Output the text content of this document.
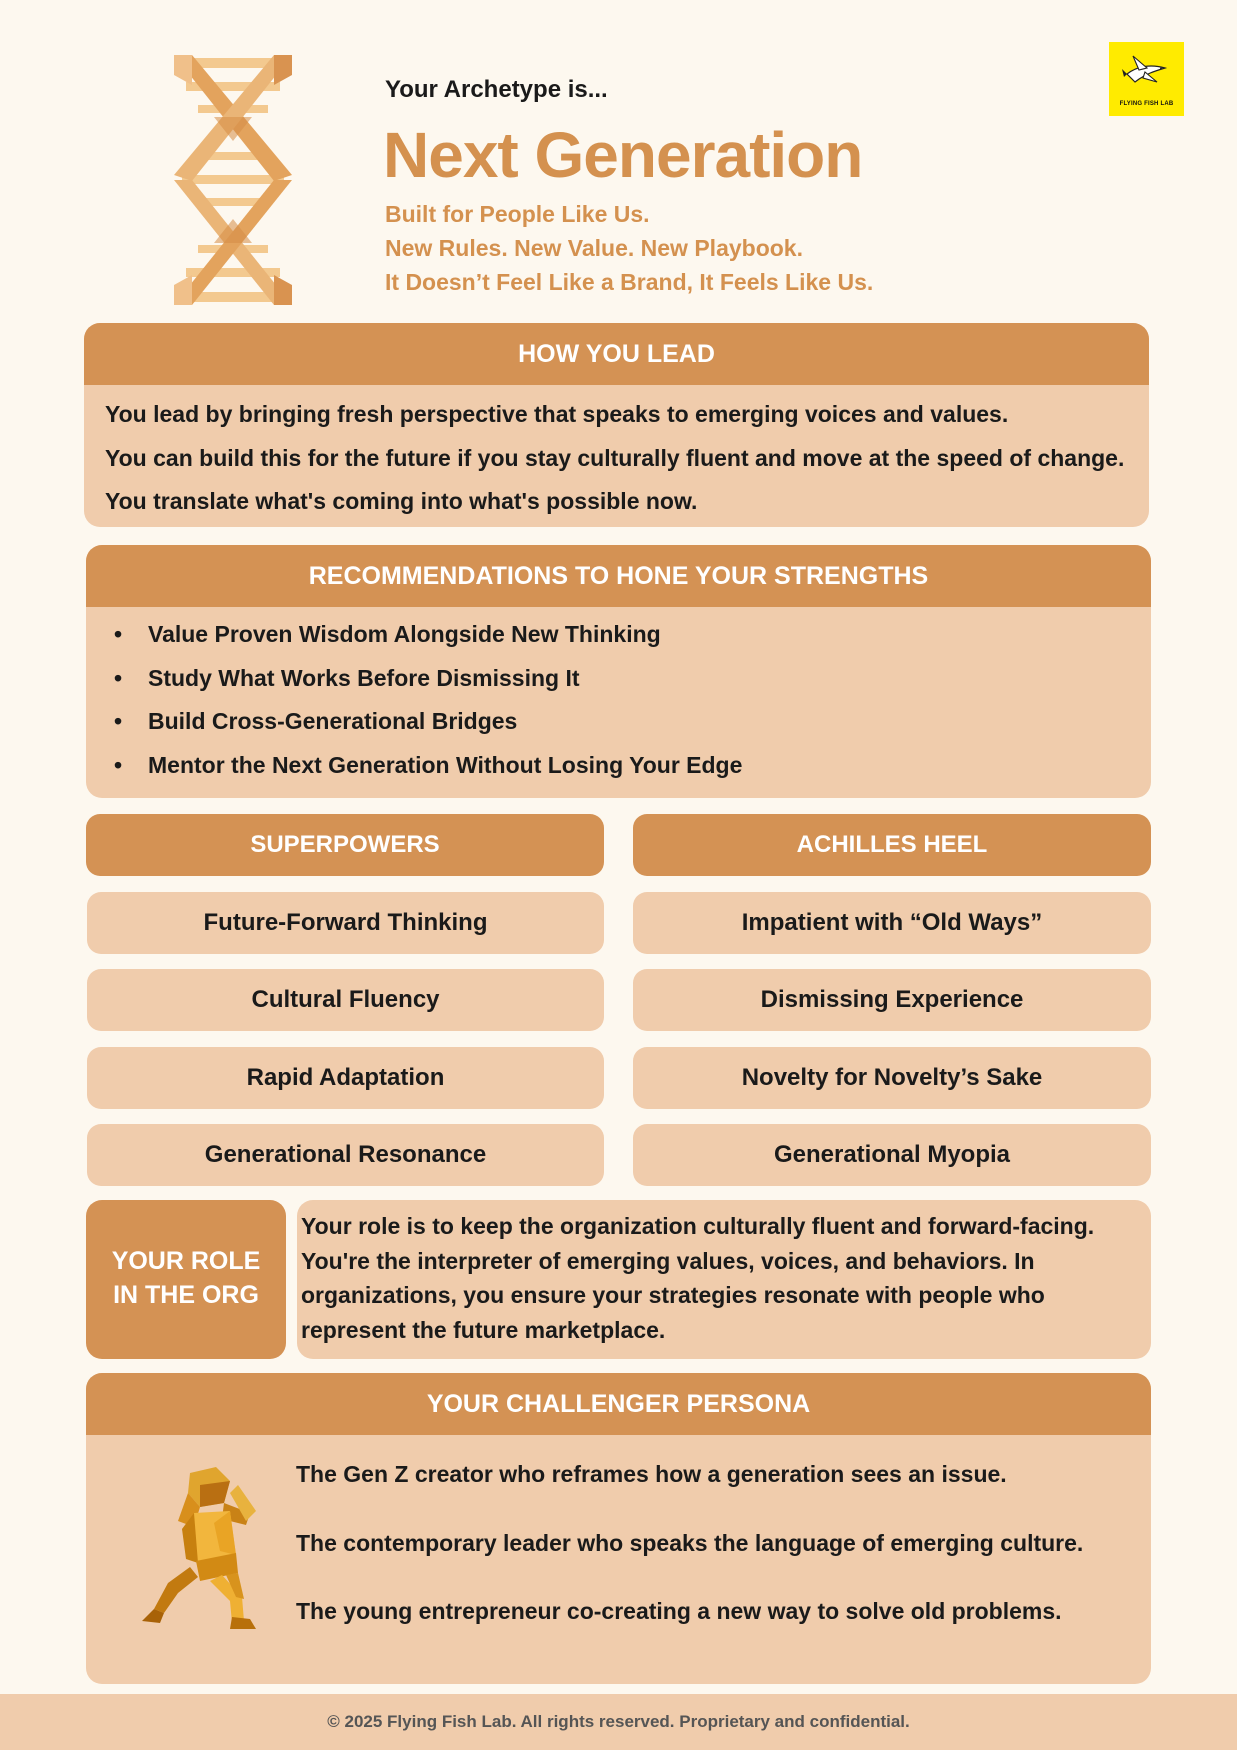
Your Archetype is...
Next Generation
Built for People Like Us.
New Rules. New Value. New Playbook.
It Doesn’t Feel Like a Brand, It Feels Like Us.
FLYING FISH LAB
HOW YOU LEAD
You lead by bringing fresh perspective that speaks to emerging voices and values.
You can build this for the future if you stay culturally fluent and move at the speed of change.
You translate what's coming into what's possible now.
RECOMMENDATIONS TO HONE YOUR STRENGTHS
• Value Proven Wisdom Alongside New Thinking
• Study What Works Before Dismissing It
• Build Cross-Generational Bridges
• Mentor the Next Generation Without Losing Your Edge
SUPERPOWERS
Future-Forward Thinking
Cultural Fluency
Rapid Adaptation
Generational Resonance
ACHILLES HEEL
Impatient with “Old Ways”
Dismissing Experience
Novelty for Novelty’s Sake
Generational Myopia
YOUR ROLE
IN THE ORG
Your role is to keep the organization culturally fluent and forward-facing.
You're the interpreter of emerging values, voices, and behaviors. In
organizations, you ensure your strategies resonate with people who
represent the future marketplace.
YOUR CHALLENGER PERSONA
The Gen Z creator who reframes how a generation sees an issue.
The contemporary leader who speaks the language of emerging culture.
The young entrepreneur co-creating a new way to solve old problems.
© 2025 Flying Fish Lab. All rights reserved. Proprietary and confidential.
